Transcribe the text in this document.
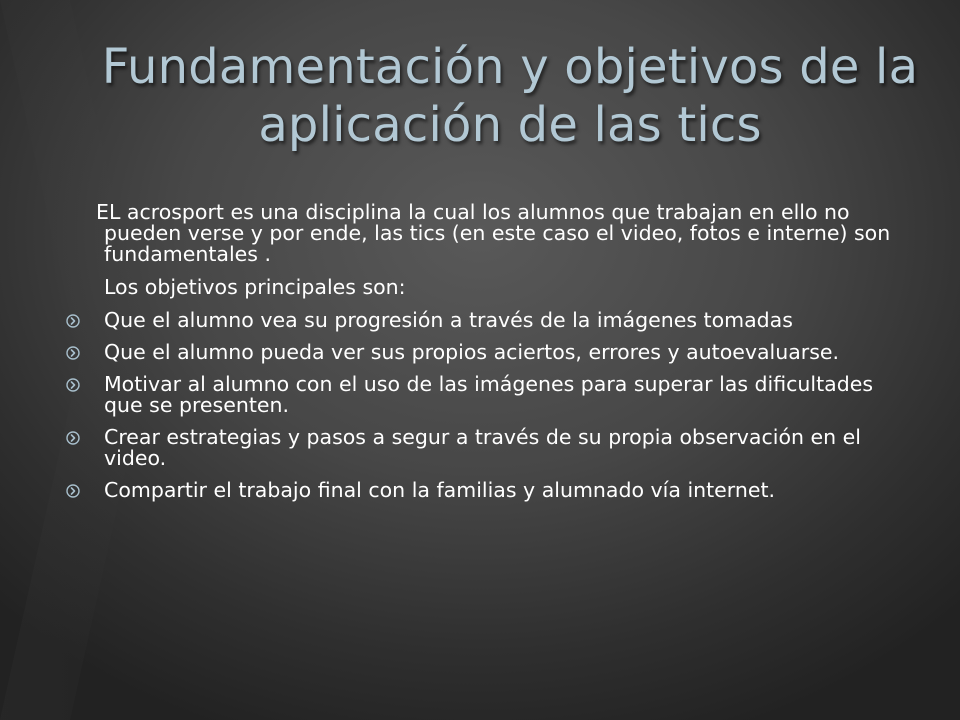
Fundamentación y objetivos de la aplicación de las tics

EL acrosport es una disciplina la cual los alumnos que trabajan en ello no pueden verse y por ende, las tics (en este caso el video, fotos e interne) son fundamentales .

Los objetivos principales son:

Que el alumno vea su progresión a través de la imágenes tomadas
Que el alumno pueda ver sus propios aciertos, errores y autoevaluarse.
Motivar al alumno con el uso de las imágenes para superar las dificultades que se presenten.
Crear estrategias y pasos a segur a través de su propia observación en el video.
Compartir el trabajo final con la familias y alumnado vía internet.
